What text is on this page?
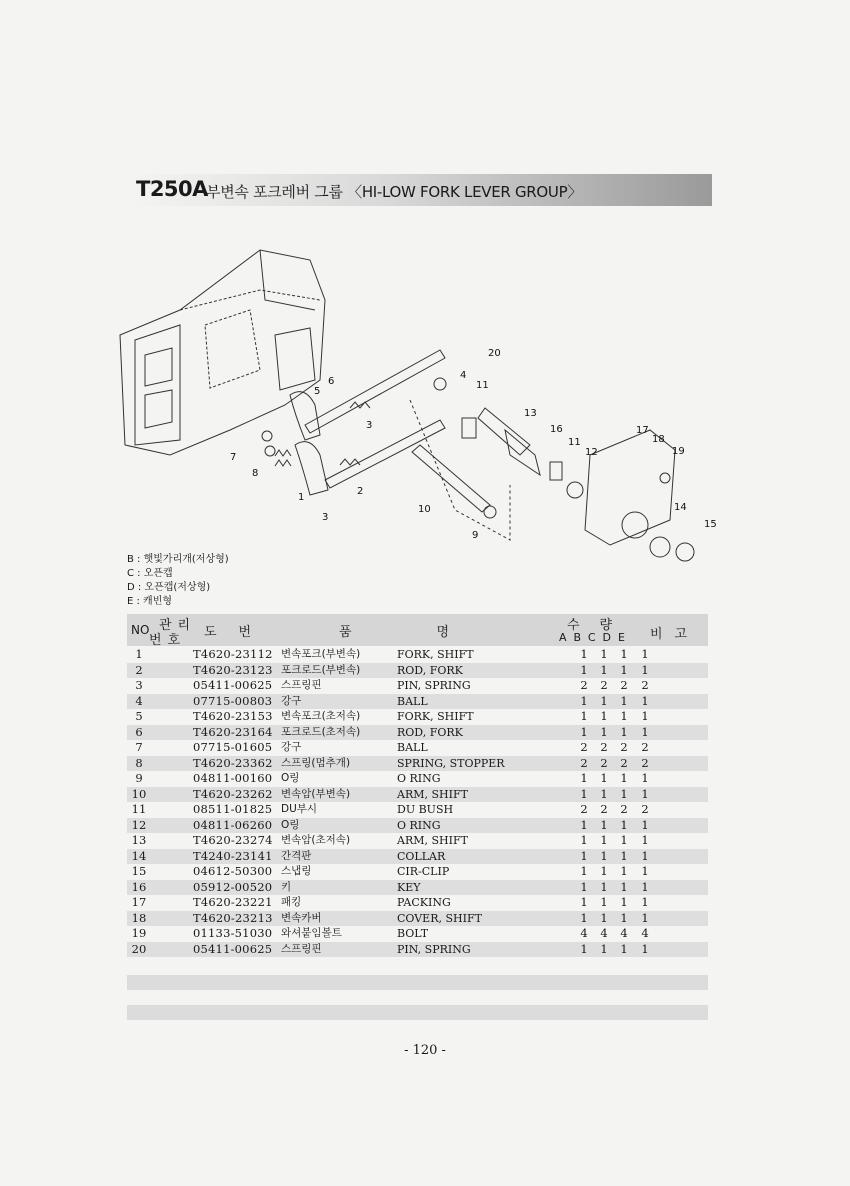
T250A
부변속 포크레버 그룹 〈HI-LOW FORK LEVER GROUP〉
20
6
4
5
11
3
13
16	17
11	18
12
7
19
2
8
1
3
10	14
15
9
B : 햇빛가리개(저상형)
C : 오픈캡
D : 오픈캡(저상형)
E : 캐빈형
NO 관리
번호
도번	품명	수량
ABCDE 비고
1	T4620-23112 변속포크(부변속)	FORK, SHIFT	1 1 1 1
2	T4620-23123 포크로드(부변속)	ROD, FORK	1 1 1 1
3	05411-00625 스프링핀	PIN, SPRING	2 2 2 2
4	07715-00803 강구	BALL	1 1 1 1
5	T4620-23153 변속포크(초저속)	FORK, SHIFT	1 1 1 1
6	T4620-23164 포크로드(초저속)	ROD, FORK	1 1 1 1
7	07715-01605 강구	BALL	2 2 2 2
8	T4620-23362 스프링(멈추개)	SPRING, STOPPER	2 2 2 2
9	04811-00160 O링	O RING	1 1 1 1
10	T4620-23262 변속암(부변속)	ARM, SHIFT	1 1 1 1
11	08511-01825 DU부시	DU BUSH	2 2 2 2
12	04811-06260 O링	O RING	1 1 1 1
13	T4620-23274 변속암(초저속)	ARM, SHIFT	1 1 1 1
14	T4240-23141 간격판	COLLAR	1 1 1 1
15	04612-50300 스냅링	CIR-CLIP	1 1 1 1
16	05912-00520 키	KEY	1 1 1 1
17	T4620-23221 패킹	PACKING	1 1 1 1
18	T4620-23213 변속카버	COVER, SHIFT	1 1 1 1
19	01133-51030 와셔붙임볼트	BOLT	4 4 4 4
20	05411-00625 스프링핀	PIN, SPRING	1 1 1 1
- 120 -
